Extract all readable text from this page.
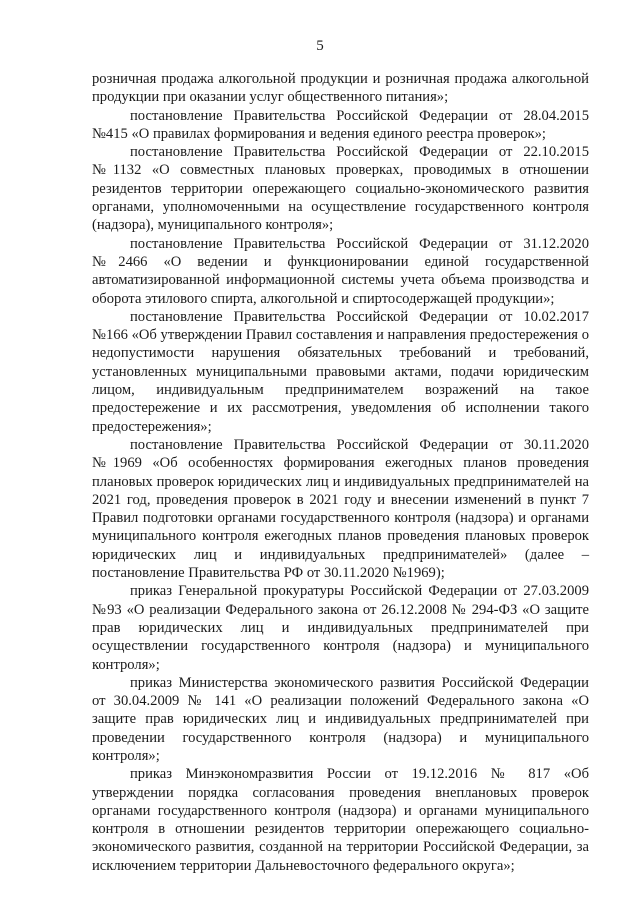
5

розничная продажа алкогольной продукции и розничная продажа алкогольной продукции при оказании услуг общественного питания»;

постановление Правительства Российской Федерации от 28.04.2015 №415 «О правилах формирования и ведения единого реестра проверок»;

постановление Правительства Российской Федерации от 22.10.2015 №1132 «О совместных плановых проверках, проводимых в отношении резидентов территории опережающего социально-экономического развития органами, уполномоченными на осуществление государственного контроля (надзора), муниципального контроля»;

постановление Правительства Российской Федерации от 31.12.2020 №2466 «О ведении и функционировании единой государственной автоматизированной информационной системы учета объема производства и оборота этилового спирта, алкогольной и спиртосодержащей продукции»;

постановление Правительства Российской Федерации от 10.02.2017 №166 «Об утверждении Правил составления и направления предостережения о недопустимости нарушения обязательных требований и требований, установленных муниципальными правовыми актами, подачи юридическим лицом, индивидуальным предпринимателем возражений на такое предостережение и их рассмотрения, уведомления об исполнении такого предостережения»;

постановление Правительства Российской Федерации от 30.11.2020 №1969 «Об особенностях формирования ежегодных планов проведения плановых проверок юридических лиц и индивидуальных предпринимателей на 2021 год, проведения проверок в 2021 году и внесении изменений в пункт 7 Правил подготовки органами государственного контроля (надзора) и органами муниципального контроля ежегодных планов проведения плановых проверок юридических лиц и индивидуальных предпринимателей» (далее – постановление Правительства РФ от 30.11.2020 №1969);

приказ Генеральной прокуратуры Российской Федерации от 27.03.2009 №93 «О реализации Федерального закона от 26.12.2008 № 294-ФЗ «О защите прав юридических лиц и индивидуальных предпринимателей при осуществлении государственного контроля (надзора) и муниципального контроля»;

приказ Министерства экономического развития Российской Федерации от 30.04.2009 № 141 «О реализации положений Федерального закона «О защите прав юридических лиц и индивидуальных предпринимателей при проведении государственного контроля (надзора) и муниципального контроля»;

приказ Минэкономразвития России от 19.12.2016 № 817 «Об утверждении порядка согласования проведения внеплановых проверок органами государственного контроля (надзора) и органами муниципального контроля в отношении резидентов территории опережающего социально-экономического развития, созданной на территории Российской Федерации, за исключением территории Дальневосточного федерального округа»;
